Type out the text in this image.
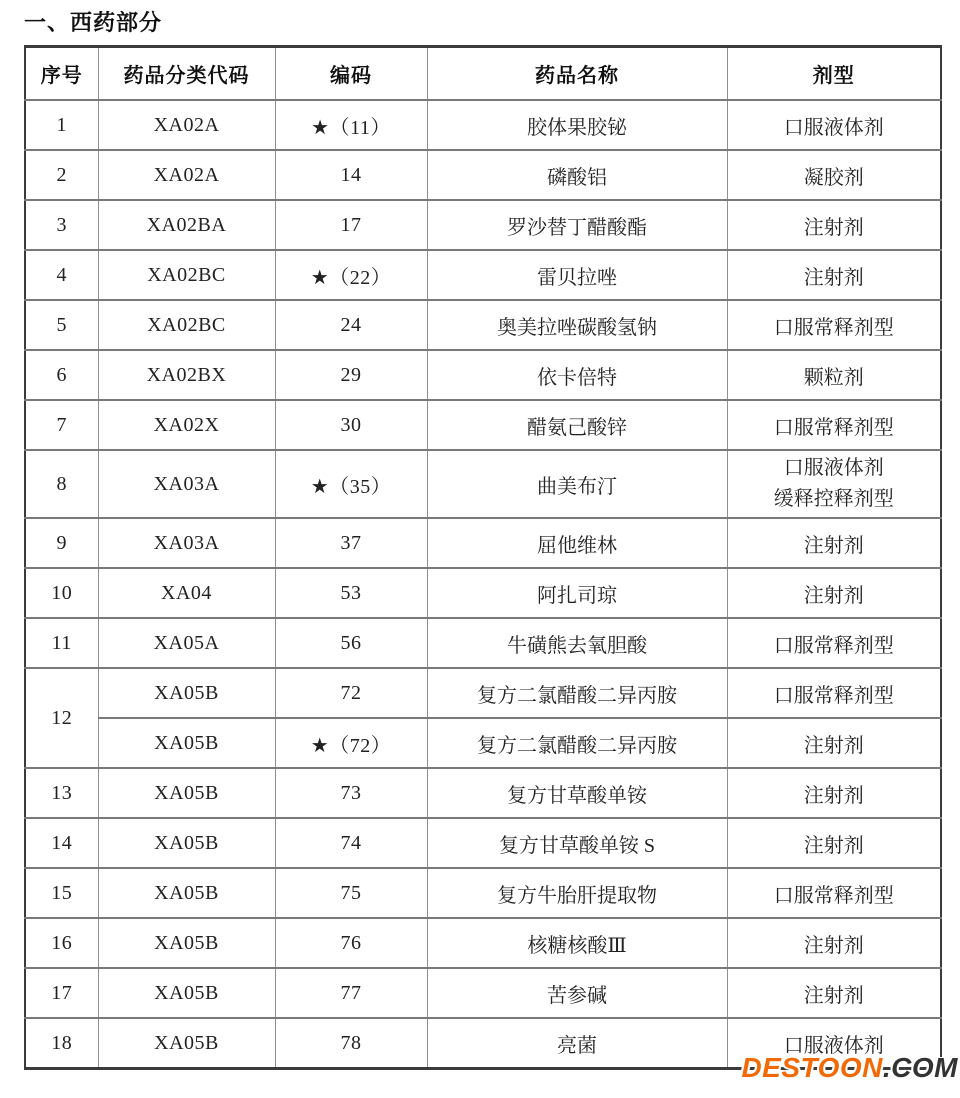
一、西药部分
序号	药品分类代码	编码	药品名称	剂型
1	XA02A	★（11）	胶体果胶铋	口服液体剂
2	XA02A	14	磷酸铝	凝胶剂
3	XA02BA	17	罗沙替丁醋酸酯	注射剂
4	XA02BC	★（22）	雷贝拉唑	注射剂
5	XA02BC	24	奥美拉唑碳酸氢钠	口服常释剂型
6	XA02BX	29	依卡倍特	颗粒剂
7	XA02X	30	醋氨己酸锌	口服常释剂型
8	XA03A	★（35）	曲美布汀	口服液体剂
缓释控释剂型

9	XA03A	37	屈他维林	注射剂
10	XA04	53	阿扎司琼	注射剂
11	XA05A	56	牛磺熊去氧胆酸	口服常释剂型
12	XA05B	72	复方二氯醋酸二异丙胺	口服常释剂型
	XA05B	★（72）	复方二氯醋酸二异丙胺	注射剂
13	XA05B	73	复方甘草酸单铵	注射剂
14	XA05B	74	复方甘草酸单铵 S	注射剂
15	XA05B	75	复方牛胎肝提取物	口服常释剂型
16	XA05B	76	核糖核酸Ⅲ	注射剂
17	XA05B	77	苦参碱	注射剂
18	XA05B	78	亮菌	口服液体剂
DESTOON.COM
